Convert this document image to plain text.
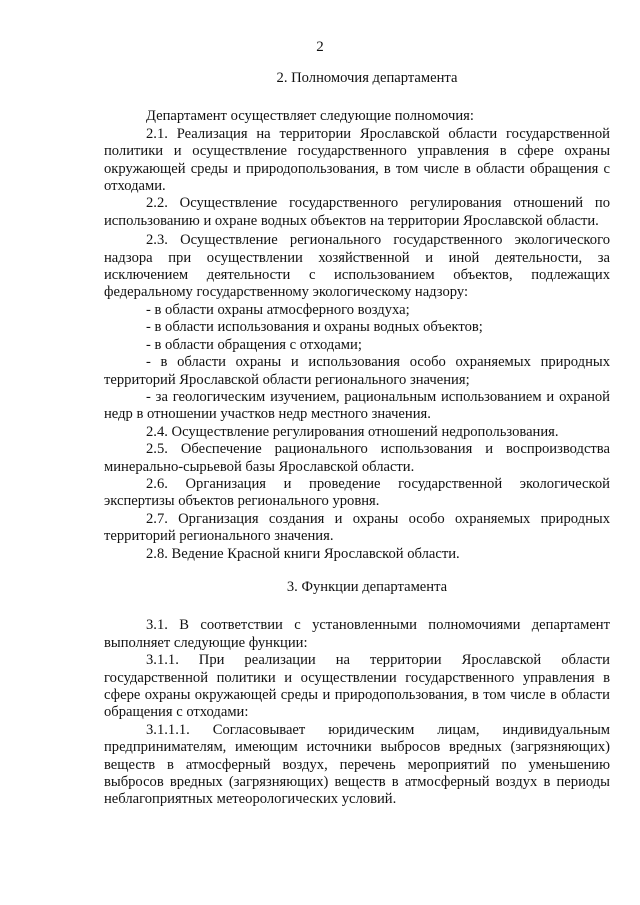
2
2. Полномочия департамента

Департамент осуществляет следующие полномочия:

2.1. Реализация на территории Ярославской области государственной политики и осуществление государственного управления в сфере охраны окружающей среды и природопользования, в том числе в области обращения с отходами.

2.2. Осуществление государственного регулирования отношений по использованию и охране водных объектов на территории Ярославской области.

2.3. Осуществление регионального государственного экологического надзора при осуществлении хозяйственной и иной деятельности, за исключением деятельности с использованием объектов, подлежащих федеральному государственному экологическому надзору:

- в области охраны атмосферного воздуха;

- в области использования и охраны водных объектов;

- в области обращения с отходами;

- в области охраны и использования особо охраняемых природных территорий Ярославской области регионального значения;

- за геологическим изучением, рациональным использованием и охраной недр в отношении участков недр местного значения.

2.4. Осуществление регулирования отношений недропользования.

2.5. Обеспечение рационального использования и воспроизводства минерально-сырьевой базы Ярославской области.

2.6. Организация и проведение государственной экологической экспертизы объектов регионального уровня.

2.7. Организация создания и охраны особо охраняемых природных территорий регионального значения.

2.8. Ведение Красной книги Ярославской области.

3. Функции департамента

3.1. В соответствии с установленными полномочиями департамент выполняет следующие функции:

3.1.1. При реализации на территории Ярославской области государственной политики и осуществлении государственного управления в сфере охраны окружающей среды и природопользования, в том числе в области обращения с отходами:

3.1.1.1. Согласовывает юридическим лицам, индивидуальным предпринимателям, имеющим источники выбросов вредных (загрязняющих) веществ в атмосферный воздух, перечень мероприятий по уменьшению выбросов вредных (загрязняющих) веществ в атмосферный воздух в периоды неблагоприятных метеорологических условий.
